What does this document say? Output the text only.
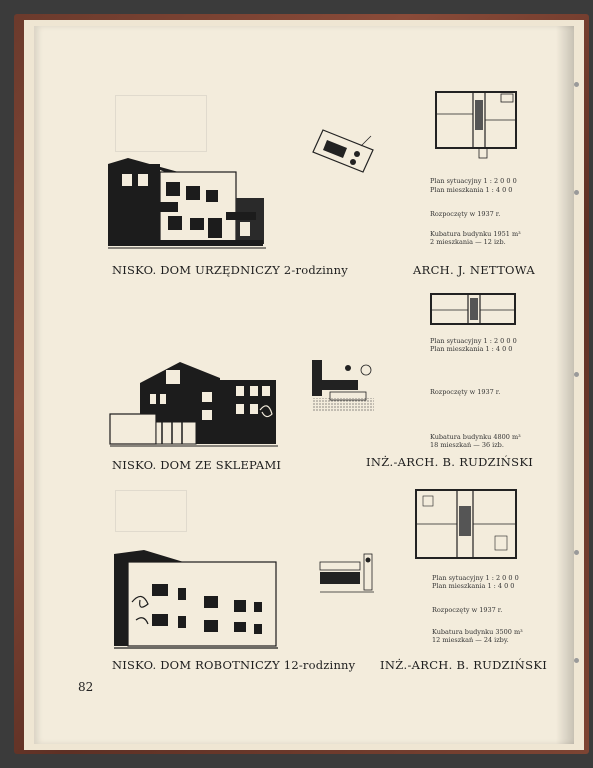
NISKO. DOM URZĘDNICZY 2-rodzinny	ARCH. J. NETTOWA
Plan sytuacyjny 1 : 2 0 0 0
Plan mieszkania 1 : 4 0 0
Rozpoczęty w 1937 r.
Kubatura budynku 1951 m³
2 mieszkania — 12 izb.
NISKO. DOM ZE SKLEPAMI	INŻ.-ARCH. B. RUDZIŃSKI
Plan sytuacyjny 1 : 2 0 0 0
Plan mieszkania 1 : 4 0 0
Rozpoczęty w 1937 r.
Kubatura budynku 4800 m³
18 mieszkań — 36 izb.
NISKO. DOM ROBOTNICZY 12-rodzinny INŻ.-ARCH. B. RUDZIŃSKI
Plan sytuacyjny 1 : 2 0 0 0
Plan mieszkania 1 : 4 0 0
Rozpoczęty w 1937 r.
Kubatura budynku 3500 m³
12 mieszkań — 24 izby.
82
